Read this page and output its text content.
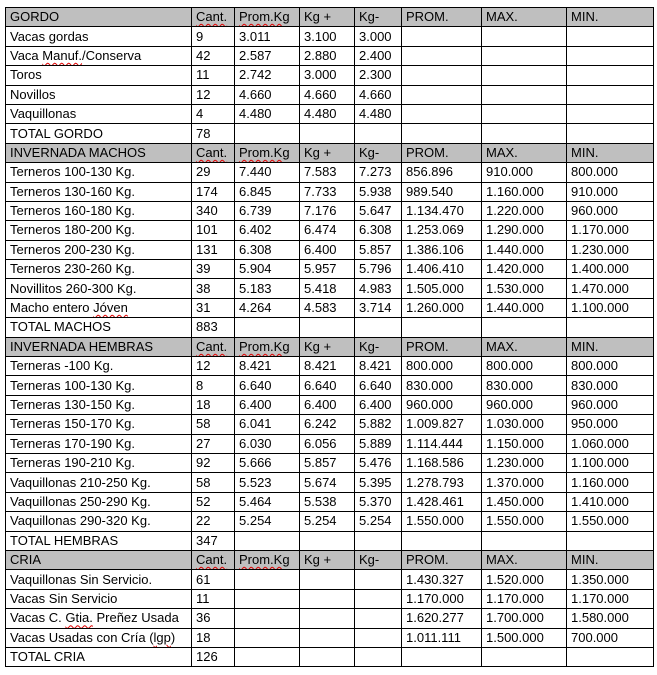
GORDO	Cant.	Prom.Kg	Kg +	Kg-	PROM.	MAX.	MIN.
Vacas gordas	9	3.011	3.100	3.000			
Vaca Manuf./Conserva	42	2.587	2.880	2.400			
Toros	11	2.742	3.000	2.300			
Novillos	12	4.660	4.660	4.660			
Vaquillonas	4	4.480	4.480	4.480			
TOTAL GORDO	78						
INVERNADA MACHOS	Cant.	Prom.Kg	Kg +	Kg-	PROM.	MAX.	MIN.
Terneros 100-130 Kg.	29	7.440	7.583	7.273	856.896	910.000	800.000
Terneros 130-160 Kg.	174	6.845	7.733	5.938	989.540	1.160.000	910.000
Terneros 160-180 Kg.	340	6.739	7.176	5.647	1.134.470	1.220.000	960.000
Terneros 180-200 Kg.	101	6.402	6.474	6.308	1.253.069	1.290.000	1.170.000
Terneros 200-230 Kg.	131	6.308	6.400	5.857	1.386.106	1.440.000	1.230.000
Terneros 230-260 Kg.	39	5.904	5.957	5.796	1.406.410	1.420.000	1.400.000
Novillitos 260-300 Kg.	38	5.183	5.418	4.983	1.505.000	1.530.000	1.470.000
Macho entero Jóven	31	4.264	4.583	3.714	1.260.000	1.440.000	1.100.000
TOTAL MACHOS	883						
INVERNADA HEMBRAS	Cant.	Prom.Kg	Kg +	Kg-	PROM.	MAX.	MIN.
Terneras -100 Kg.	12	8.421	8.421	8.421	800.000	800.000	800.000
Terneras 100-130 Kg.	8	6.640	6.640	6.640	830.000	830.000	830.000
Terneras 130-150 Kg.	18	6.400	6.400	6.400	960.000	960.000	960.000
Terneras 150-170 Kg.	58	6.041	6.242	5.882	1.009.827	1.030.000	950.000
Terneras 170-190 Kg.	27	6.030	6.056	5.889	1.114.444	1.150.000	1.060.000
Terneras 190-210 Kg.	92	5.666	5.857	5.476	1.168.586	1.230.000	1.100.000
Vaquillonas 210-250 Kg.	58	5.523	5.674	5.395	1.278.793	1.370.000	1.160.000
Vaquillonas 250-290 Kg.	52	5.464	5.538	5.370	1.428.461	1.450.000	1.410.000
Vaquillonas 290-320 Kg.	22	5.254	5.254	5.254	1.550.000	1.550.000	1.550.000
TOTAL HEMBRAS	347						
CRIA	Cant.	Prom.Kg	Kg +	Kg-	PROM.	MAX.	MIN.
Vaquillonas Sin Servicio.	61				1.430.327	1.520.000	1.350.000
Vacas Sin Servicio	11				1.170.000	1.170.000	1.170.000
Vacas C. Gtia. Preñez Usada	36				1.620.277	1.700.000	1.580.000
Vacas Usadas con Cría (lgp)	18				1.011.111	1.500.000	700.000
TOTAL CRIA	126						
